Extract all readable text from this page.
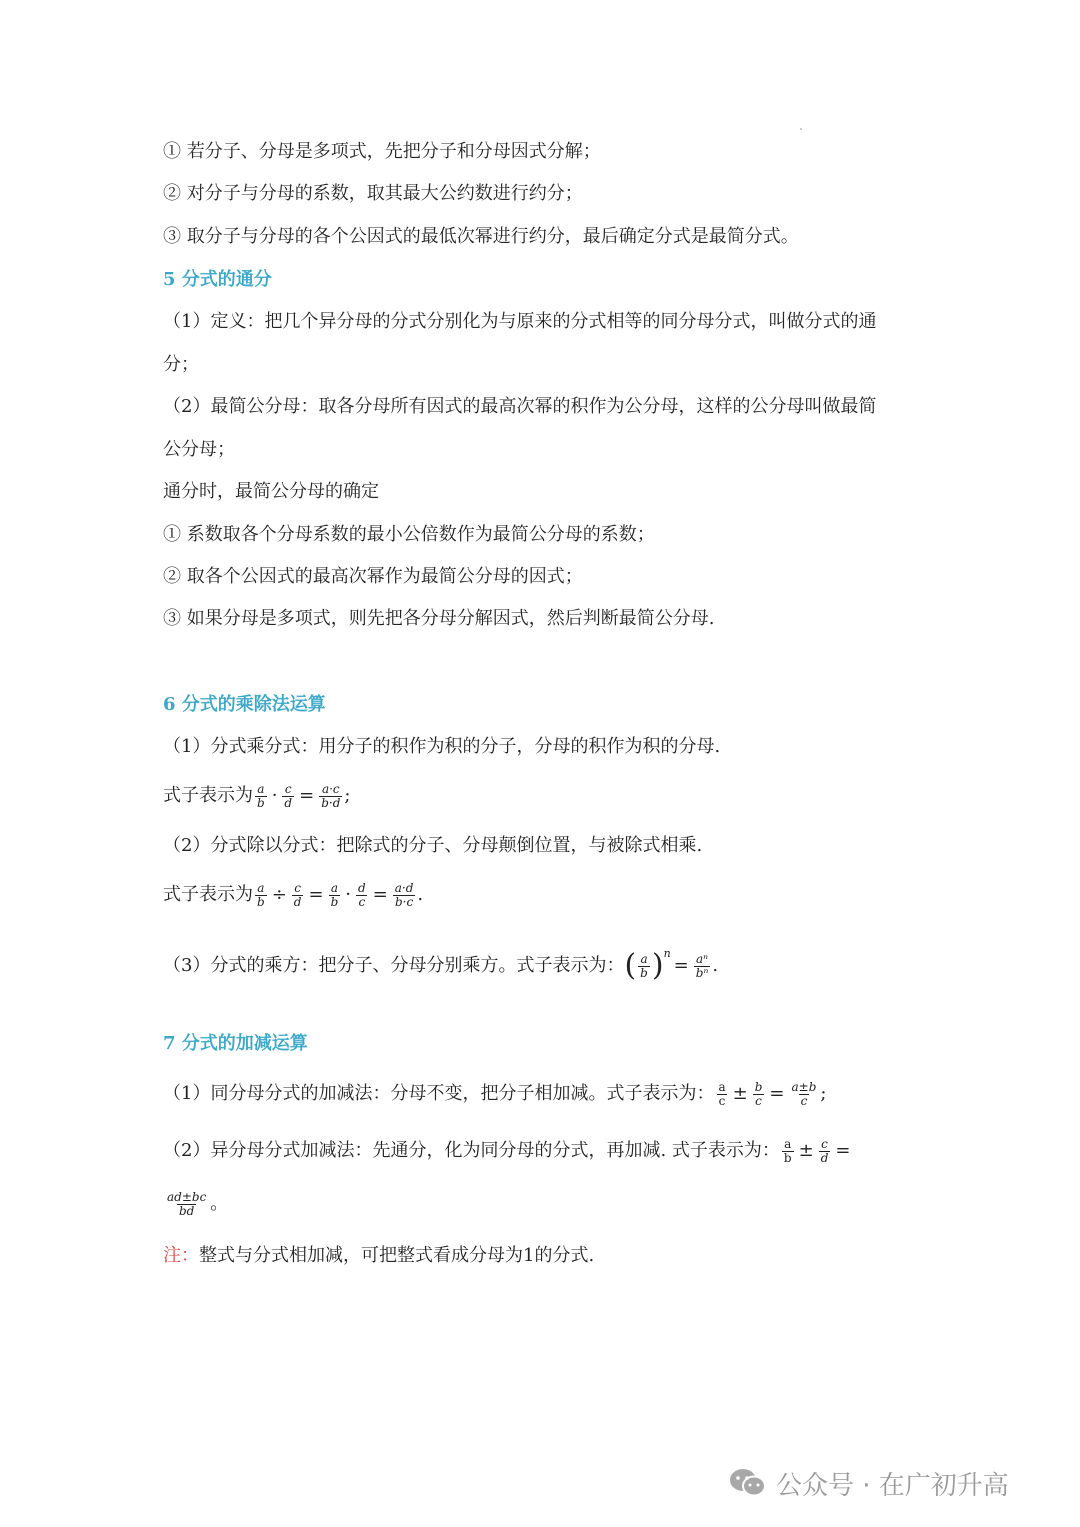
① 若分子、分母是多项式，先把分子和分母因式分解；
② 对分子与分母的系数，取其最大公约数进行约分；
③ 取分子与分母的各个公因式的最低次幂进行约分，最后确定分式是最简分式。
5 分式的通分
（1）定义：把几个异分母的分式分别化为与原来的分式相等的同分母分式，叫做分式的通
分；
（2）最简公分母：取各分母所有因式的最高次幂的积作为公分母，这样的公分母叫做最简
公分母；
通分时，最简公分母的确定
① 系数取各个分母系数的最小公倍数作为最简公分母的系数；
② 取各个公因式的最高次幂作为最简公分母的因式；
③ 如果分母是多项式，则先把各分母分解因式，然后判断最简公分母.
6 分式的乘除法运算
（1）分式乘分式：用分子的积作为积的分子，分母的积作为积的分母.
式子表示为 $\frac{a}{b} \cdot \frac{c}{d} = \frac{a\cdot c}{b\cdot d}$ ;
（2）分式除以分式：把除式的分子、分母颠倒位置，与被除式相乘.
式子表示为 $\frac{a}{b} \div \frac{c}{d} = \frac{a}{b} \cdot \frac{d}{c} = \frac{a\cdot d}{b\cdot c}$ .
（3）分式的乘方：把分子、分母分别乘方。式子表示为：( $\frac{a}{b} )^n= \frac{\text{aⁿ}}{\text{bⁿ}}$ .
7 分式的加减运算
（1）同分母分式的加减法：分母不变，把分子相加减。式子表示为： $\frac{a}{c} \pm \frac{b}{c} = \frac{a\pm b}{c}$ ;
（2）异分母分式加减法：先通分，化为同分母的分式，再加减. 式子表示为： $\frac{a}{b} \pm \frac{c}{d}$ =
$\frac{ad\pm bc}{bd}$ 。
注：整式与分式相加减，可把整式看成分母为1的分式.
公众号 · 在广初升高
